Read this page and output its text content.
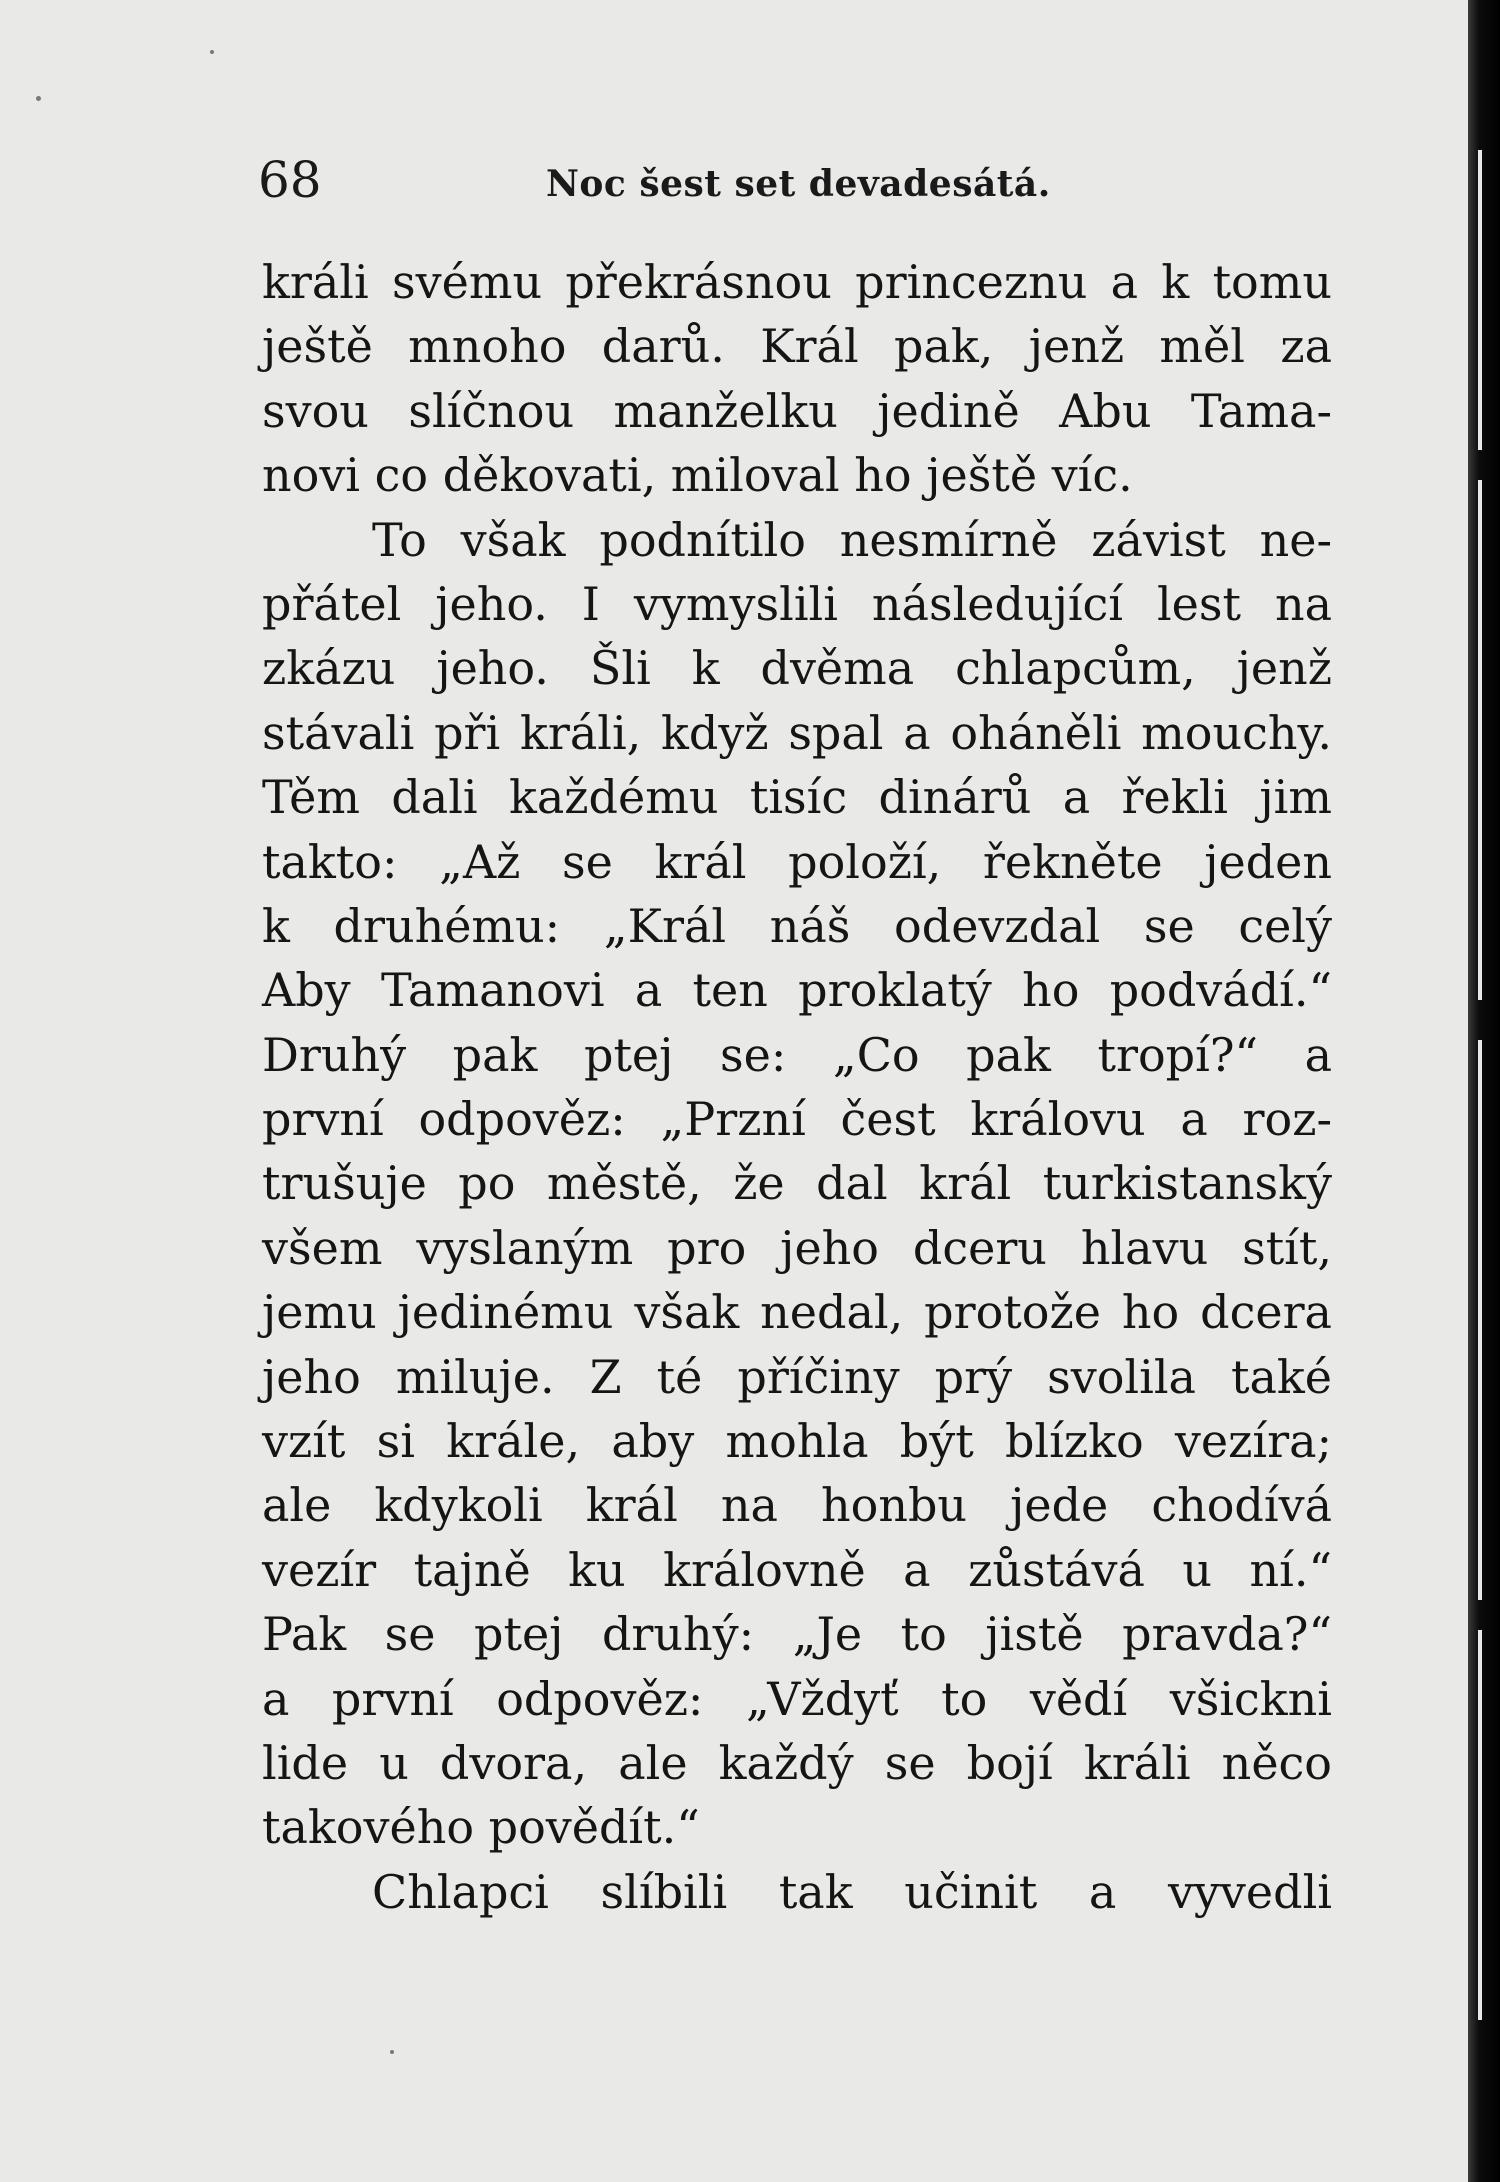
68	Noc šest set devadesátá.
králi svému překrásnou princeznu a k tomu
ještě mnoho darů. Král pak, jenž měl za
svou slíčnou manželku jedině Abu Tama-
novi co děkovati, miloval ho ještě víc.
To však podnítilo nesmírně závist ne-
přátel jeho. I vymyslili následující lest na
zkázu jeho. Šli k dvěma chlapcům, jenž
stávali při králi, když spal a oháněli mouchy.
Těm dali každému tisíc dinárů a řekli jim
takto: „Až se král položí, řekněte jeden
k druhému: „Král náš odevzdal se celý
Aby Tamanovi a ten proklatý ho podvádí.“
Druhý pak ptej se: „Co pak tropí?“ a
první odpověz: „Przní čest královu a roz-
trušuje po městě, že dal král turkistanský
všem vyslaným pro jeho dceru hlavu stít,
jemu jedinému však nedal, protože ho dcera
jeho miluje. Z té příčiny prý svolila také
vzít si krále, aby mohla být blízko vezíra;
ale kdykoli král na honbu jede chodívá
vezír tajně ku královně a zůstává u ní.“
Pak se ptej druhý: „Je to jistě pravda?“
a první odpověz: „Vždyť to vědí všickni
lide u dvora, ale každý se bojí králi něco
takového povědít.“
Chlapci slíbili tak učinit a vyvedli
